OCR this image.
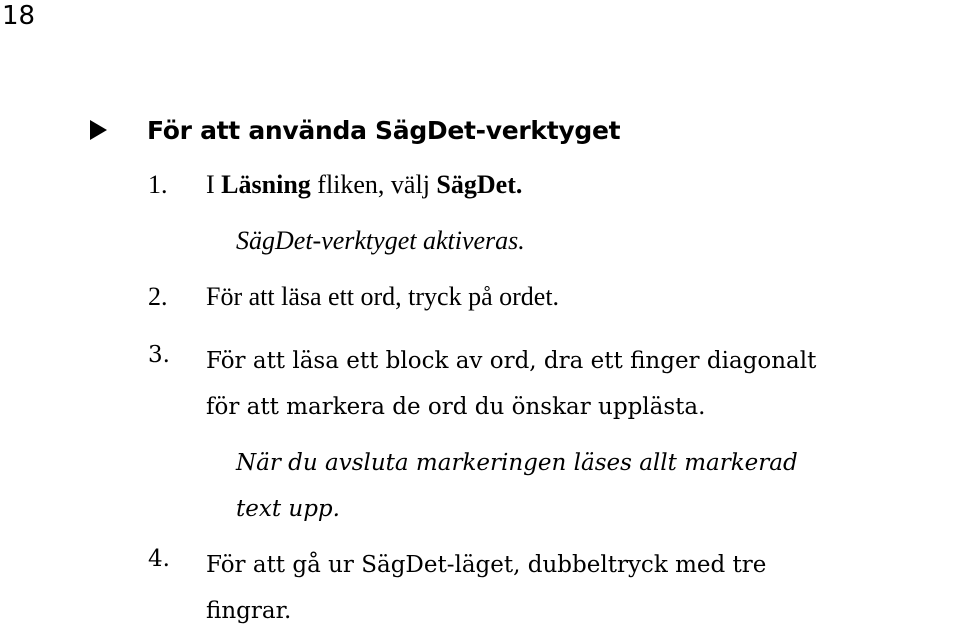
18
För att använda SägDet-verktyget
1. I Läsning fliken, välj SägDet.
SägDet-verktyget aktiveras.
2. För att läsa ett ord, tryck på ordet.
3. För att läsa ett block av ord, dra ett finger diagonalt
för att markera de ord du önskar upplästa.
När du avsluta markeringen läses allt markerad
text upp.
4. För att gå ur SägDet-läget, dubbeltryck med tre
fingrar.
